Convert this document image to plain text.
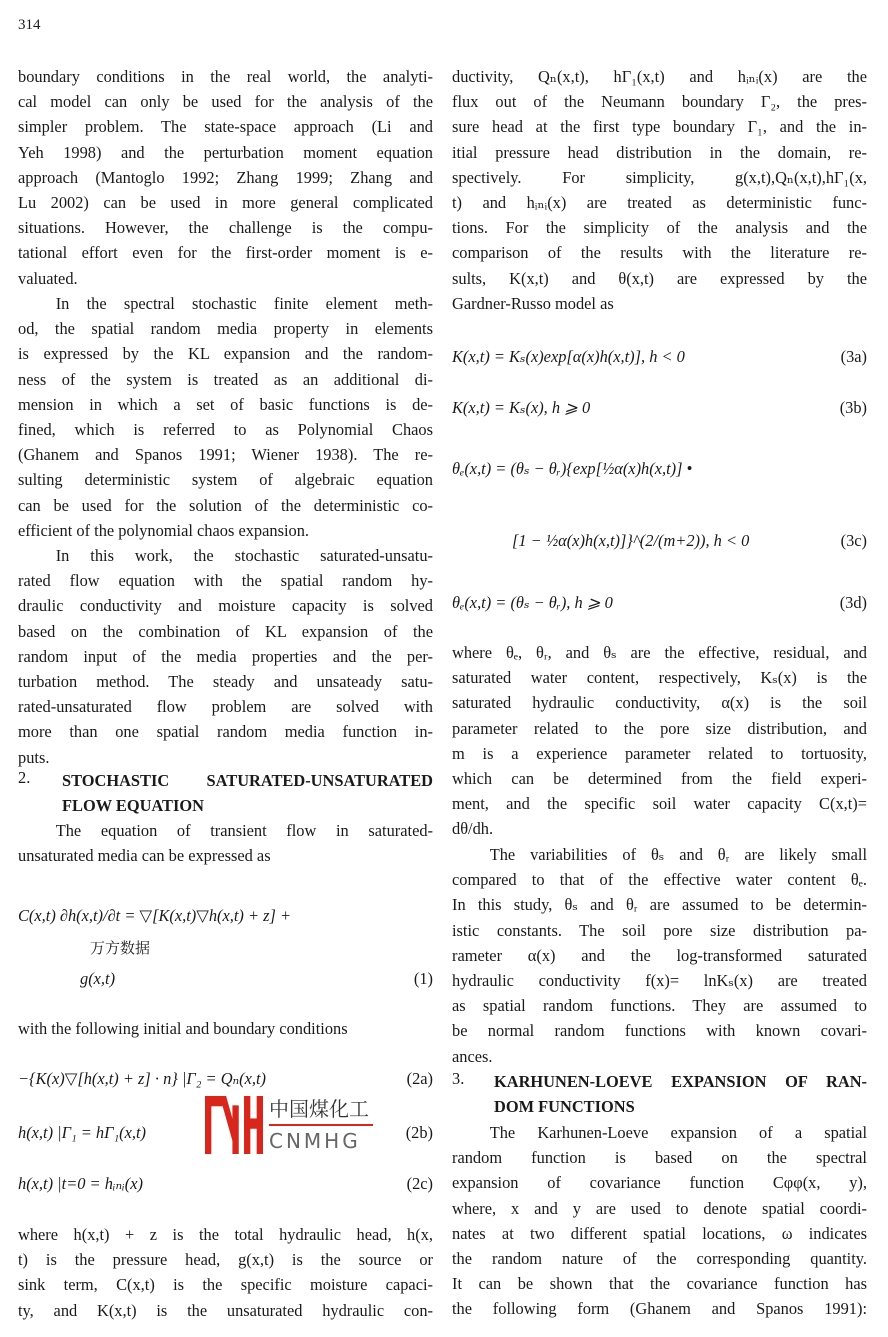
314
boundary conditions in the real world, the analyti-
cal model can only be used for the analysis of the
simpler problem. The state-space approach (Li and
Yeh 1998) and the perturbation moment equation
approach (Mantoglo 1992; Zhang 1999; Zhang and
Lu 2002) can be used in more general complicated
situations. However, the challenge is the compu-
tational effort even for the first-order moment is e-
valuated.
In the spectral stochastic finite element meth-
od, the spatial random media property in elements
is expressed by the KL expansion and the random-
ness of the system is treated as an additional di-
mension in which a set of basic functions is de-
fined, which is referred to as Polynomial Chaos
(Ghanem and Spanos 1991; Wiener 1938). The re-
sulting deterministic system of algebraic equation
can be used for the solution of the deterministic co-
efficient of the polynomial chaos expansion.
In this work, the stochastic saturated-unsatu-
rated flow equation with the spatial random hy-
draulic conductivity and moisture capacity is solved
based on the combination of KL expansion of the
random input of the media properties and the per-
turbation method. The steady and unsateady satu-
rated-unsaturated flow problem are solved with
more than one spatial random media function in-
puts.
2. STOCHASTIC SATURATED-UNSATURATED
FLOW EQUATION
The equation of transient flow in saturated-
unsaturated media can be expressed as
C(x,t) ∂h(x,t)/∂t = ▽[K(x,t)▽h(x,t) + z] +
g(x,t)	(1)
with the following initial and boundary conditions
−{K(x)▽[h(x,t) + z] · n} |Γ₂ = Qₙ(x,t)	(2a)
h(x,t) |Γ₁ = hΓ₁(x,t)	(2b)
h(x,t) |t=0 = hᵢₙᵢ(x)	(2c)
where h(x,t) + z is the total hydraulic head, h(x,
t) is the pressure head, g(x,t) is the source or
sink term, C(x,t) is the specific moisture capaci-
ty, and K(x,t) is the unsaturated hydraulic con-
ductivity, Qₙ(x,t), hΓ₁(x,t) and hᵢₙᵢ(x) are the
flux out of the Neumann boundary Γ₂, the pres-
sure head at the first type boundary Γ₁, and the in-
itial pressure head distribution in the domain, re-
spectively. For simplicity, g(x,t),Qₙ(x,t),hΓ₁(x,
t) and hᵢₙᵢ(x) are treated as deterministic func-
tions. For the simplicity of the analysis and the
comparison of the results with the literature re-
sults, K(x,t) and θ(x,t) are expressed by the
Gardner-Russo model as
K(x,t) = Kₛ(x)exp[α(x)h(x,t)], h < 0	(3a)
K(x,t) = Kₛ(x), h ⩾ 0	(3b)
θₑ(x,t) = (θₛ − θᵣ){exp[½α(x)h(x,t)] •
[1 − ½α(x)h(x,t)]}^(2/(m+2)), h < 0	(3c)
θₑ(x,t) = (θₛ − θᵣ), h ⩾ 0	(3d)
where θₑ, θᵣ, and θₛ are the effective, residual, and
saturated water content, respectively, Kₛ(x) is the
saturated hydraulic conductivity, α(x) is the soil
parameter related to the pore size distribution, and
m is a experience parameter related to tortuosity,
which can be determined from the field experi-
ment, and the specific soil water capacity C(x,t)=
dθ/dh.
The variabilities of θₛ and θᵣ are likely small
compared to that of the effective water content θₑ.
In this study, θₛ and θᵣ are assumed to be determin-
istic constants. The soil pore size distribution pa-
rameter α(x) and the log-transformed saturated
hydraulic conductivity f(x)= lnKₛ(x) are treated
as spatial random functions. They are assumed to
be normal random functions with known covari-
ances.
3. KARHUNEN-LOEVE EXPANSION OF RAN-
DOM FUNCTIONS
The Karhunen-Loeve expansion of a spatial
random function is based on the spectral
expansion of covariance function Cφφ(x, y),
where, x and y are used to denote spatial coordi-
nates at two different spatial locations, ω indicates
the random nature of the corresponding quantity.
It can be shown that the covariance function has
the following form (Ghanem and Spanos 1991):
中国煤化工
CNMHG
万方数据
